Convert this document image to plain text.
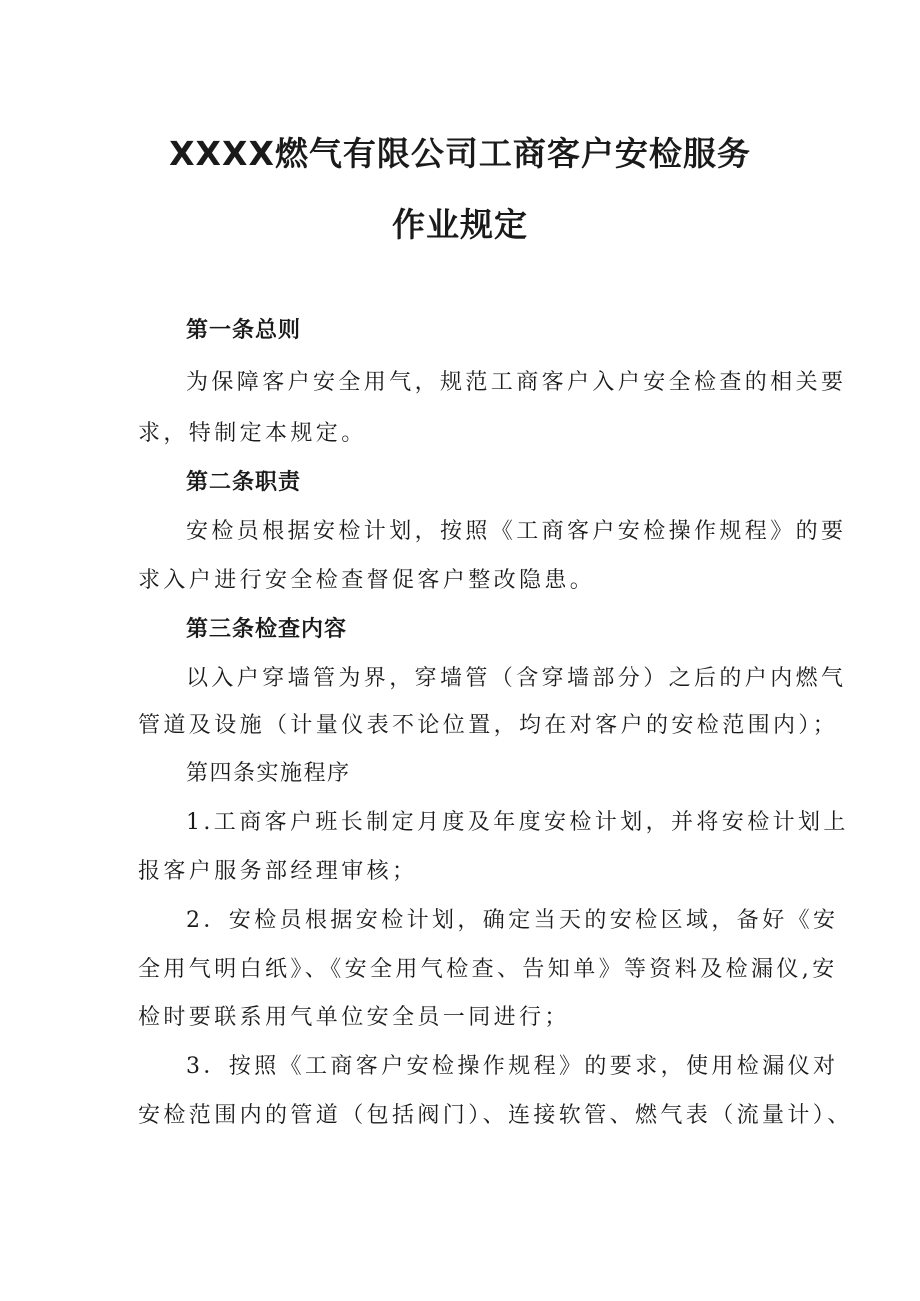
XXXX燃气有限公司工商客户安检服务
作业规定

第一条总则

为保障客户安全用气，规范工商客户入户安全检查的相关要

求，特制定本规定。

第二条职责

安检员根据安检计划，按照《工商客户安检操作规程》的要

求入户进行安全检查督促客户整改隐患。

第三条检查内容

以入户穿墙管为界，穿墙管（含穿墙部分）之后的户内燃气

管道及设施（计量仪表不论位置，均在对客户的安检范围内）；

第四条实施程序

1.工商客户班长制定月度及年度安检计划，并将安检计划上

报客户服务部经理审核；

2．安检员根据安检计划，确定当天的安检区域，备好《安

全用气明白纸》、《安全用气检查、告知单》等资料及检漏仪,安

检时要联系用气单位安全员一同进行；

3．按照《工商客户安检操作规程》的要求，使用检漏仪对

安检范围内的管道（包括阀门）、连接软管、燃气表（流量计）、
